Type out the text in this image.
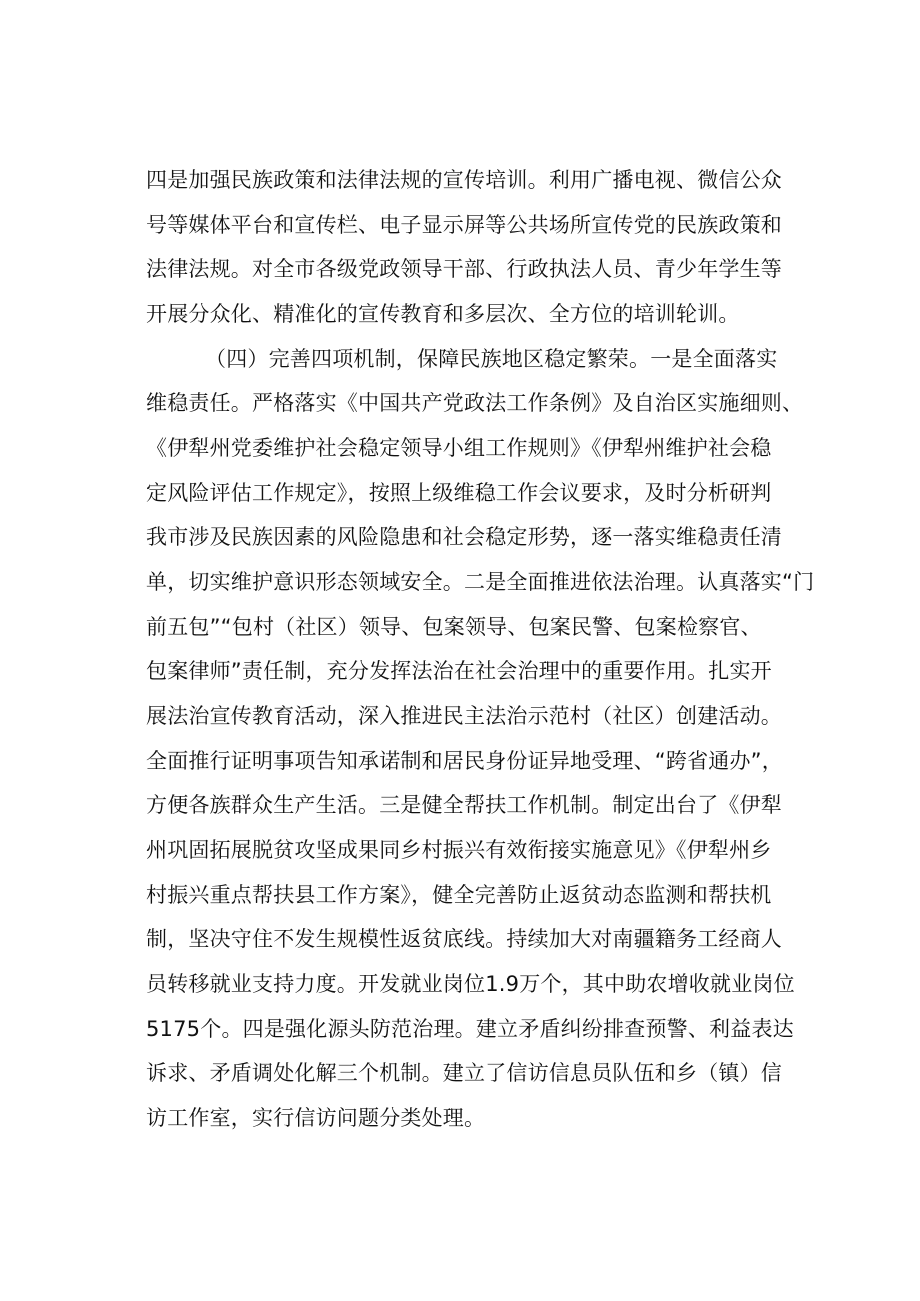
四是加强民族政策和法律法规的宣传培训。利用广播电视、微信公众

号等媒体平台和宣传栏、电子显示屏等公共场所宣传党的民族政策和

法律法规。对全市各级党政领导干部、行政执法人员、青少年学生等

开展分众化、精准化的宣传教育和多层次、全方位的培训轮训。

（四）完善四项机制，保障民族地区稳定繁荣。一是全面落实

维稳责任。严格落实《中国共产党政法工作条例》及自治区实施细则、

《伊犁州党委维护社会稳定领导小组工作规则》《伊犁州维护社会稳

定风险评估工作规定》，按照上级维稳工作会议要求，及时分析研判

我市涉及民族因素的风险隐患和社会稳定形势，逐一落实维稳责任清

单，切实维护意识形态领域安全。二是全面推进依法治理。认真落实“门

前五包”“包村（社区）领导、包案领导、包案民警、包案检察官、

包案律师”责任制，充分发挥法治在社会治理中的重要作用。扎实开

展法治宣传教育活动，深入推进民主法治示范村（社区）创建活动。

全面推行证明事项告知承诺制和居民身份证异地受理、“跨省通办”，

方便各族群众生产生活。三是健全帮扶工作机制。制定出台了《伊犁

州巩固拓展脱贫攻坚成果同乡村振兴有效衔接实施意见》《伊犁州乡

村振兴重点帮扶县工作方案》，健全完善防止返贫动态监测和帮扶机

制，坚决守住不发生规模性返贫底线。持续加大对南疆籍务工经商人

员转移就业支持力度。开发就业岗位1.9万个，其中助农增收就业岗位

5175个。四是强化源头防范治理。建立矛盾纠纷排查预警、利益表达

诉求、矛盾调处化解三个机制。建立了信访信息员队伍和乡（镇）信

访工作室，实行信访问题分类处理。
